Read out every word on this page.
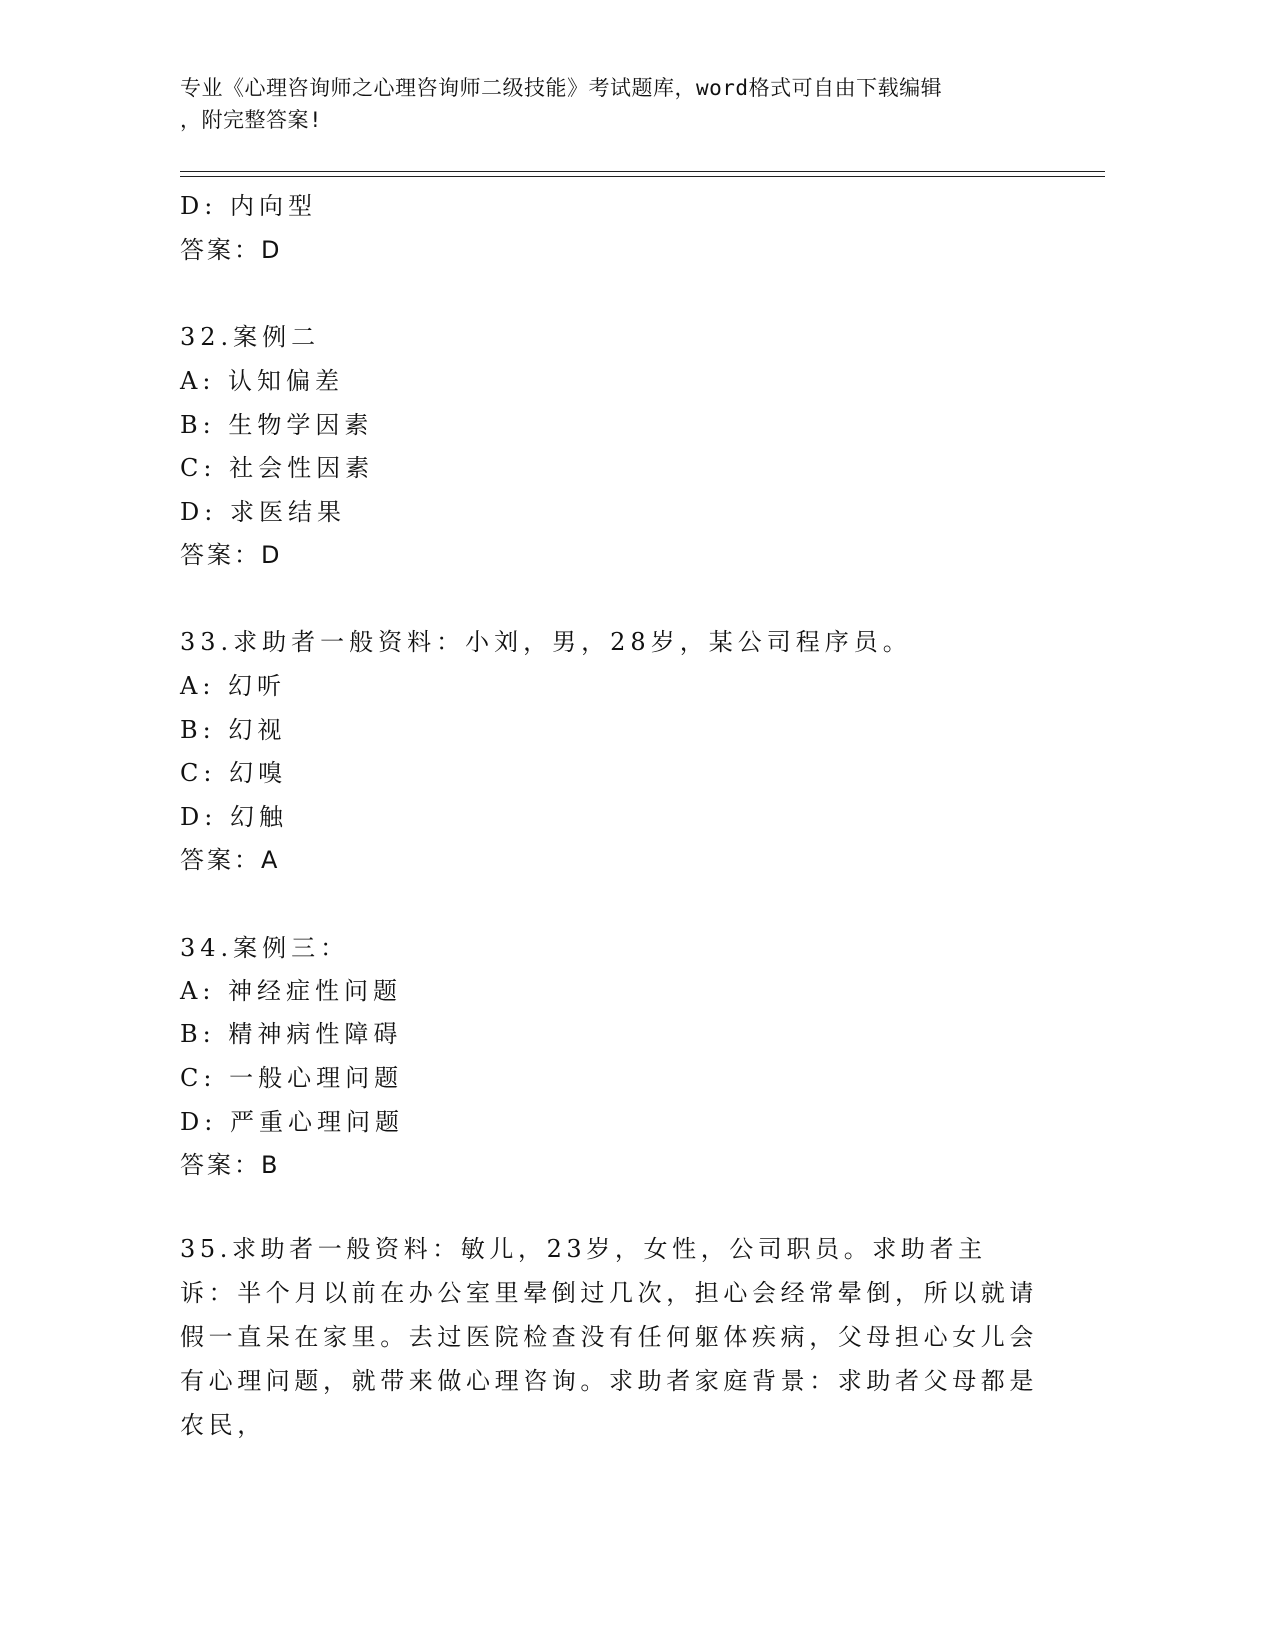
专业《心理咨询师之心理咨询师二级技能》考试题库，word格式可自由下载编辑
，附完整答案!
D: 内向型
答案：D
32.案例二
A: 认知偏差
B: 生物学因素
C: 社会性因素
D: 求医结果
答案：D
33.求助者一般资料：小刘，男，28岁，某公司程序员。
A: 幻听
B: 幻视
C: 幻嗅
D: 幻触
答案：A
34.案例三：
A: 神经症性问题
B: 精神病性障碍
C: 一般心理问题
D: 严重心理问题
答案：B
35.求助者一般资料：敏儿，23岁，女性，公司职员。求助者主诉：半个月以前在办公室里晕倒过几次，担心会经常晕倒，所以就请假一直呆在家里。去过医院检查没有任何躯体疾病，父母担心女儿会有心理问题，就带来做心理咨询。求助者家庭背景：求助者父母都是农民，
